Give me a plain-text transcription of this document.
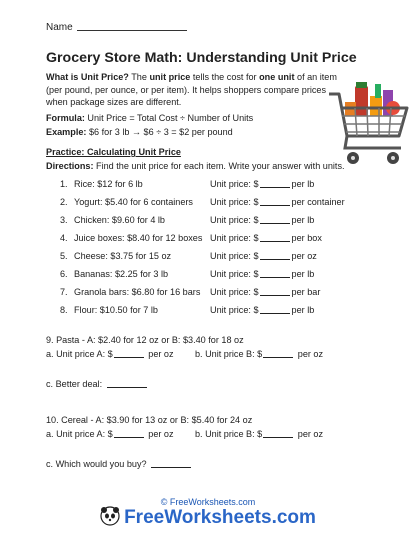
Name
Grocery Store Math: Understanding Unit Price
What is Unit Price? The unit price tells the cost for one unit of an item (per pound, per ounce, or per item). It helps shoppers compare prices when package sizes are different.
Formula: Unit Price = Total Cost ÷ Number of Units
Example: $6 for 3 lb → $6 ÷ 3 = $2 per pound
Practice: Calculating Unit Price
Directions: Find the unit price for each item. Write your answer with units.
1. Rice: $12 for 6 lb	Unit price: $	per lb
2. Yogurt: $5.40 for 6 containers Unit price: $	per container
3. Chicken: $9.60 for 4 lb	Unit price: $	per lb
4. Juice boxes: $8.40 for 12 boxes Unit price: $	per box
5. Cheese: $3.75 for 15 oz	Unit price: $	per oz
6. Bananas: $2.25 for 3 lb	Unit price: $	per lb
7. Granola bars: $6.80 for 16 bars Unit price: $	per bar
8. Flour: $10.50 for 7 lb	Unit price: $	per lb
9. Pasta - A: $2.40 for 12 oz or B: $3.40 for 18 oz
a. Unit price A: $	per oz b. Unit price B: $	per oz
c. Better deal:
10. Cereal - A: $3.90 for 13 oz or B: $5.40 for 24 oz
a. Unit price A: $	per oz b. Unit price B: $	per oz
c. Which would you buy?
© FreeWorksheets.com
FreeWorksheets.com
